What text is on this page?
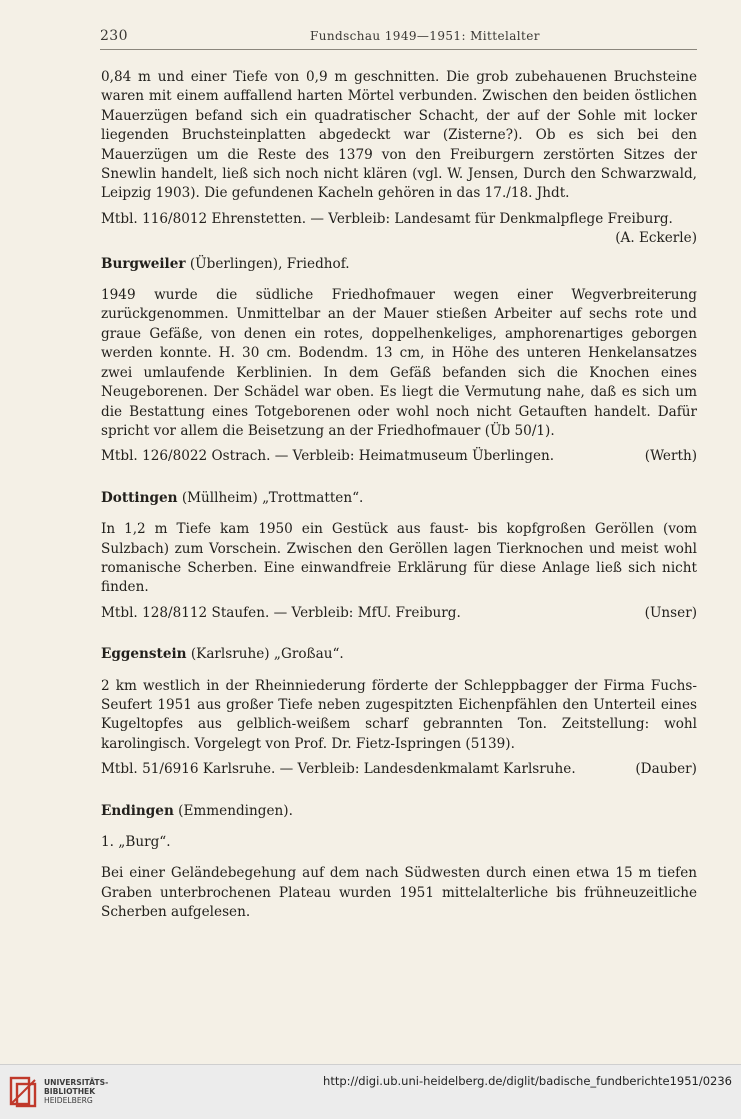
230	Fundschau 1949—1951: Mittelalter

0,84 m und einer Tiefe von 0,9 m geschnitten. Die grob zubehauenen Bruchsteine waren mit einem auffallend harten Mörtel verbunden. Zwischen den beiden östlichen Mauerzügen befand sich ein quadratischer Schacht, der auf der Sohle mit locker liegenden Bruchsteinplatten abgedeckt war (Zisterne?). Ob es sich bei den Mauerzügen um die Reste des 1379 von den Freiburgern zerstörten Sitzes der Snewlin handelt, ließ sich noch nicht klären (vgl. W. Jensen, Durch den Schwarzwald, Leipzig 1903). Die gefundenen Kacheln gehören in das 17./18. Jhdt.

Mtbl. 116/8012 Ehrenstetten. — Verbleib: Landesamt für Denkmalpflege Freiburg.

(A. Eckerle)

Burgweiler (Überlingen), Friedhof.

1949 wurde die südliche Friedhofmauer wegen einer Wegverbreiterung zurückgenommen. Unmittelbar an der Mauer stießen Arbeiter auf sechs rote und graue Gefäße, von denen ein rotes, doppelhenkeliges, amphorenartiges geborgen werden konnte. H. 30 cm. Bodendm. 13 cm, in Höhe des unteren Henkelansatzes zwei umlaufende Kerblinien. In dem Gefäß befanden sich die Knochen eines Neugeborenen. Der Schädel war oben. Es liegt die Vermutung nahe, daß es sich um die Bestattung eines Totgeborenen oder wohl noch nicht Getauften handelt. Dafür spricht vor allem die Beisetzung an der Friedhofmauer (Üb 50/1).

Mtbl. 126/8022 Ostrach. — Verbleib: Heimatmuseum Überlingen.	(Werth)

Dottingen (Müllheim) „Trottmatten“.

In 1,2 m Tiefe kam 1950 ein Gestück aus faust- bis kopfgroßen Geröllen (vom Sulzbach) zum Vorschein. Zwischen den Geröllen lagen Tierknochen und meist wohl romanische Scherben. Eine einwandfreie Erklärung für diese Anlage ließ sich nicht finden.

Mtbl. 128/8112 Staufen. — Verbleib: MfU. Freiburg.	(Unser)

Eggenstein (Karlsruhe) „Großau“.

2 km westlich in der Rheinniederung förderte der Schleppbagger der Firma Fuchs-Seufert 1951 aus großer Tiefe neben zugespitzten Eichenpfählen den Unterteil eines Kugeltopfes aus gelblich-weißem scharf gebrannten Ton. Zeitstellung: wohl karolingisch. Vorgelegt von Prof. Dr. Fietz-Ispringen (5139).

Mtbl. 51/6916 Karlsruhe. — Verbleib: Landesdenkmalamt Karlsruhe.	(Dauber)

Endingen (Emmendingen).

1. „Burg“.

Bei einer Geländebegehung auf dem nach Südwesten durch einen etwa 15 m tiefen Graben unterbrochenen Plateau wurden 1951 mittelalterliche bis frühneuzeitliche Scherben aufgelesen.

UNIVERSITÄTS-
BIBLIOTHEK
HEIDELBERG
http://digi.ub.uni-heidelberg.de/diglit/badische_fundberichte1951/0236
